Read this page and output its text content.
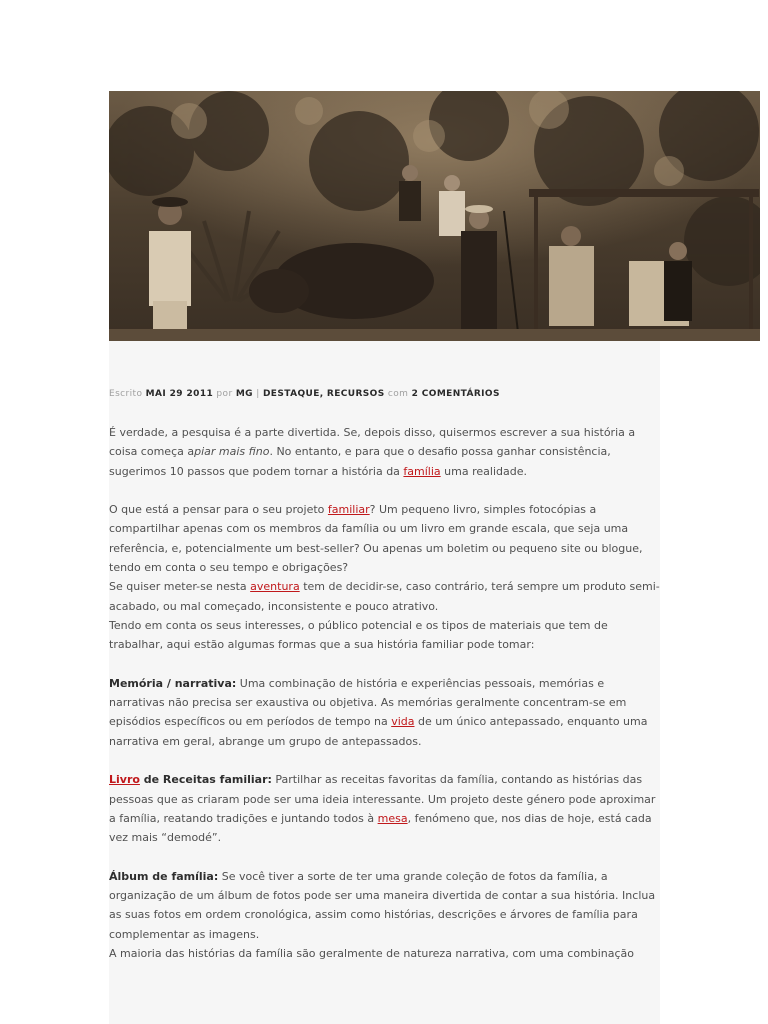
Escrito MAI 29 2011 por MG | DESTAQUE, RECURSOS com 2 COMENTÁRIOS

É verdade, a pesquisa é a parte divertida. Se, depois disso, quisermos escrever a sua história a coisa começa apiar mais fino. No entanto, e para que o desafio possa ganhar consistência, sugerimos 10 passos que podem tornar a história da família uma realidade.

O que está a pensar para o seu projeto familiar? Um pequeno livro, simples fotocópias a compartilhar apenas com os membros da família ou um livro em grande escala, que seja uma referência, e, potencialmente um best-seller? Ou apenas um boletim ou pequeno site ou blogue, tendo em conta o seu tempo e obrigações?

Se quiser meter-se nesta aventura tem de decidir-se, caso contrário, terá sempre um produto semi-acabado, ou mal começado, inconsistente e pouco atrativo.

Tendo em conta os seus interesses, o público potencial e os tipos de materiais que tem de trabalhar, aqui estão algumas formas que a sua história familiar pode tomar:

Memória / narrativa: Uma combinação de história e experiências pessoais, memórias e narrativas não precisa ser exaustiva ou objetiva. As memórias geralmente concentram-se em episódios específicos ou em períodos de tempo na vida de um único antepassado, enquanto uma narrativa em geral, abrange um grupo de antepassados.

Livro de Receitas familiar: Partilhar as receitas favoritas da família, contando as histórias das pessoas que as criaram pode ser uma ideia interessante. Um projeto deste género pode aproximar a família, reatando tradições e juntando todos à mesa, fenómeno que, nos dias de hoje, está cada vez mais “demodé”.

Álbum de família: Se você tiver a sorte de ter uma grande coleção de fotos da família, a organização de um álbum de fotos pode ser uma maneira divertida de contar a sua história. Inclua as suas fotos em ordem cronológica, assim como histórias, descrições e árvores de família para complementar as imagens.

A maioria das histórias da família são geralmente de natureza narrativa, com uma combinação
